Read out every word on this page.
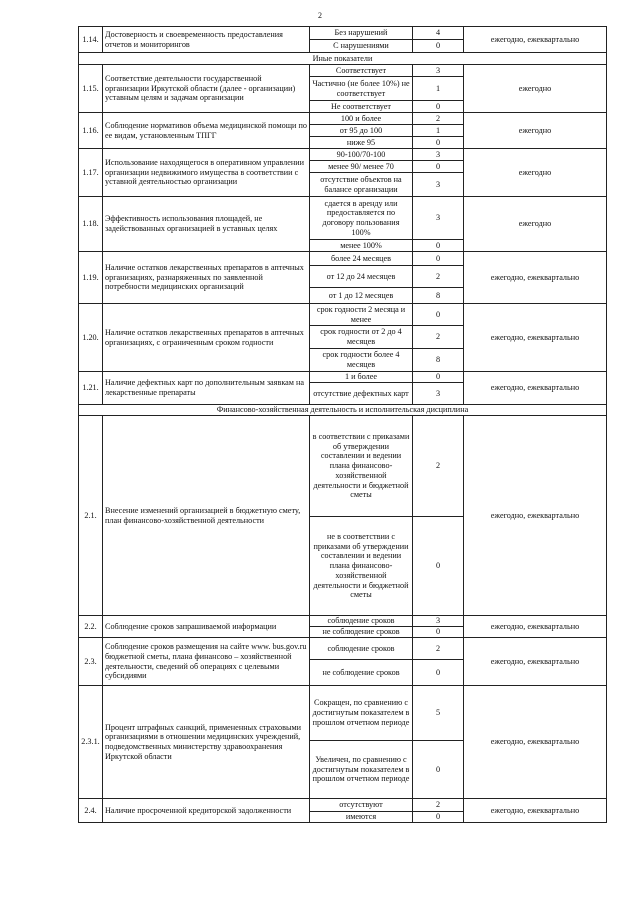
2
1.14.	Достоверность и своевременность предоставления отчетов и мониторингов	Без нарушений	4	ежегодно, ежеквартально
		С нарушениями	0	
Иные показатели				
1.15.	Соответствие деятельности государственной организации Иркутской области (далее - организации) уставным целям и задачам организации	Соответствует	3	ежегодно
		Частично (не более 10%) не соответствует	1	
		Не соответствует	0	
1.16.	Соблюдение нормативов объема медицинской помощи по ее видам, установленным ТПГГ	100 и более	2	ежегодно
		от 95 до 100	1	
		ниже 95	0	
1.17.	Использование находящегося в оперативном управлении организации недвижимого имущества в соответствии с уставной деятельностью организации	90-100/70-100	3	ежегодно
		менее 90/ менее 70	0	
		отсутствие объектов на балансе организации	3	
1.18.	Эффективность использования площадей, не задействованных организацией в уставных целях	сдается в аренду или предоставляется по договору пользования 100%	3	ежегодно
		менее 100%	0	
1.19.	Наличие остатков лекарственных препаратов в аптечных организациях, разнаряженных по заявленной потребности медицинских организаций	более 24 месяцев	0	ежегодно, ежеквартально
		от 12 до 24 месяцев	2	
		от 1 до 12 месяцев	8	
1.20.	Наличие остатков лекарственных препаратов в аптечных организациях, с ограниченным сроком годности	срок годности 2 месяца и менее	0	ежегодно, ежеквартально
		срок годности от 2 до 4 месяцев	2	
		срок годности более 4 месяцев	8	
1.21.	Наличие дефектных карт по дополнительным заявкам на лекарственные препараты	1 и более	0	ежегодно, ежеквартально
		отсутствие дефектных карт	3	
Финансово-хозяйственная деятельность и исполнительская дисциплина				
2.1.	Внесение изменений организацией в бюджетную смету, план финансово-хозяйственной деятельности	в соответствии с приказами об утверждении составлении и ведении плана финансово-хозяйственной деятельности и бюджетной сметы	2	ежегодно, ежеквартально
		не в соответствии с приказами об утверждении составлении и ведении плана финансово-хозяйственной деятельности и бюджетной сметы	0	
2.2.	Соблюдение сроков запрашиваемой информации	соблюдение сроков	3	ежегодно, ежеквартально
		не соблюдение сроков	0	
2.3.	Соблюдение сроков размещения на сайте www. bus.gov.ru бюджетной сметы, плана финансово – хозяйственной деятельности, сведений об операциях с целевыми субсидиями	соблюдение сроков	2	ежегодно, ежеквартально
		не соблюдение сроков	0	
2.3.1.	Процент штрафных санкций, примененных страховыми организациями в отношении медицинских учреждений, подведомственных министерству здравоохранения Иркутской области	Сокращен, по сравнению с достигнутым показателем в прошлом отчетном периоде	5	ежегодно, ежеквартально
		Увеличен, по сравнению с достигнутым показателем в прошлом отчетном периоде	0	
2.4.	Наличие просроченной кредиторской задолженности	отсутствуют	2	ежегодно, ежеквартально
		имеются	0	
